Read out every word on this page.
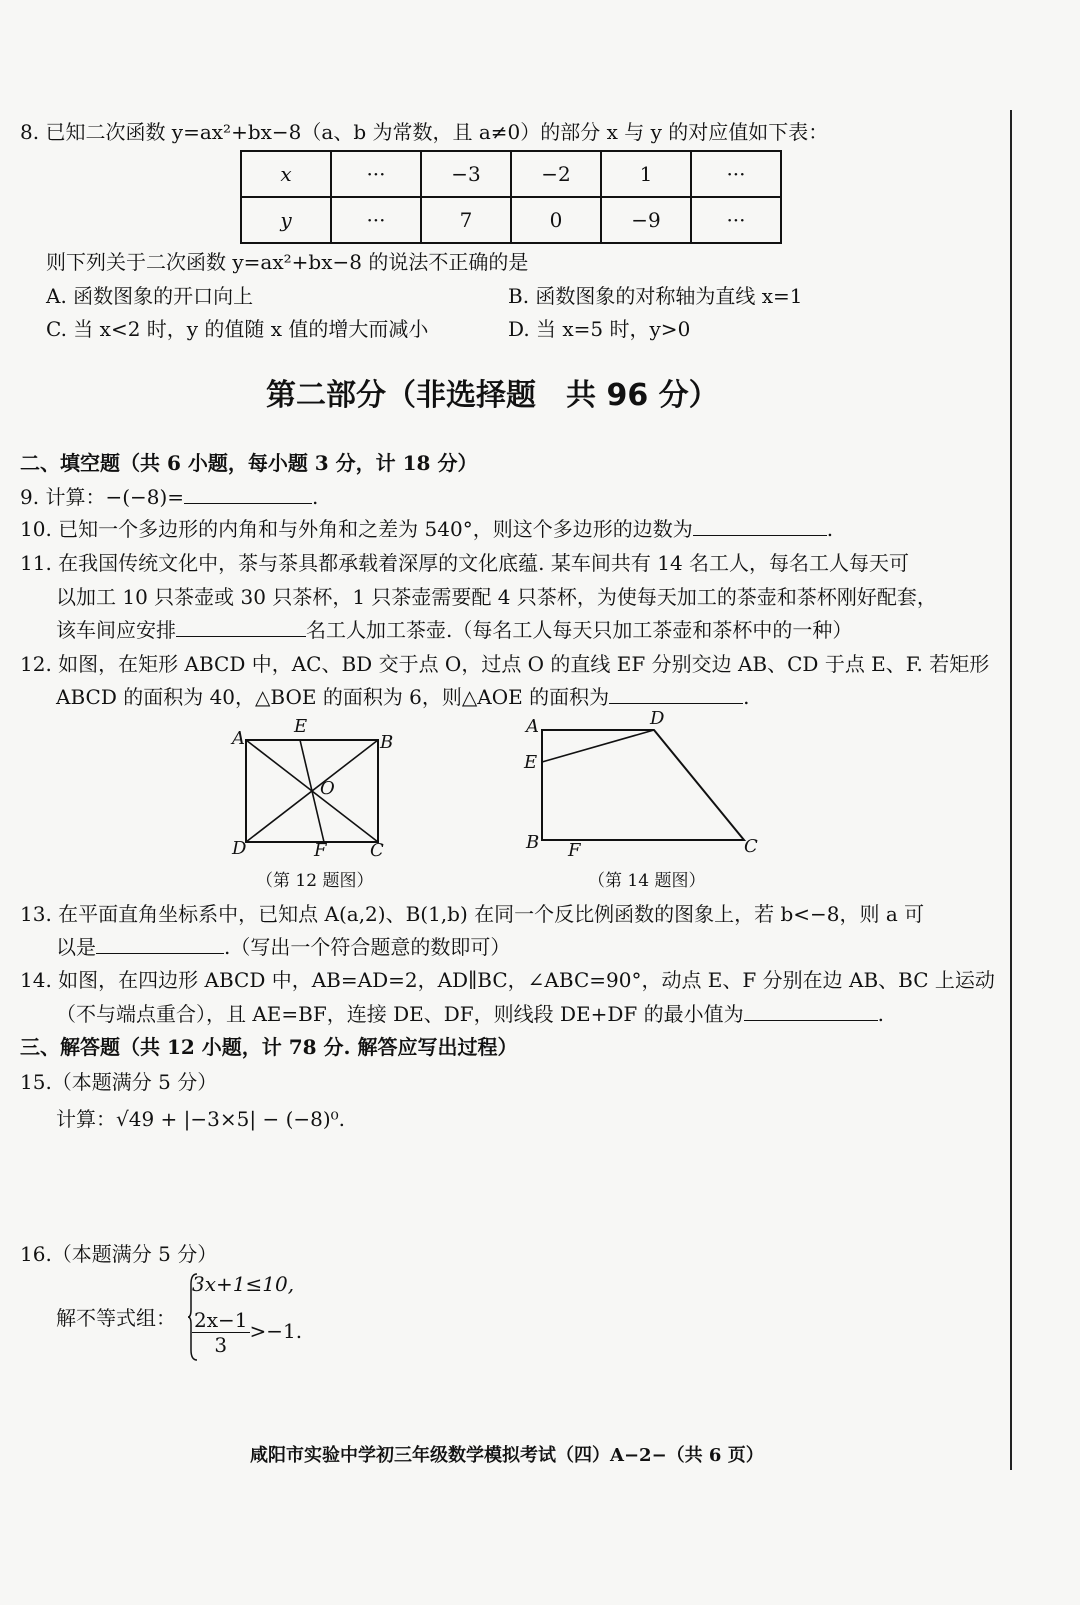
8. 已知二次函数 y=ax²+bx−8（a、b 为常数，且 a≠0）的部分 x 与 y 的对应值如下表：
x	···	−3	−2	1	···
y	···	7	0	−9	···
则下列关于二次函数 y=ax²+bx−8 的说法不正确的是
A. 函数图象的开口向上	B. 函数图象的对称轴为直线 x=1
C. 当 x<2 时，y 的值随 x 值的增大而减小	D. 当 x=5 时，y>0
第二部分（非选择题　共 96 分）
二、填空题（共 6 小题，每小题 3 分，计 18 分）
9. 计算：−(−8)=	.
10. 已知一个多边形的内角和与外角和之差为 540°，则这个多边形的边数为	.
11. 在我国传统文化中，茶与茶具都承载着深厚的文化底蕴. 某车间共有 14 名工人，每名工人每天可
以加工 10 只茶壶或 30 只茶杯，1 只茶壶需要配 4 只茶杯，为使每天加工的茶壶和茶杯刚好配套，
该车间应安排	名工人加工茶壶.（每名工人每天只加工茶壶和茶杯中的一种）
12. 如图，在矩形 ABCD 中，AC、BD 交于点 O，过点 O 的直线 EF 分别交边 AB、CD 于点 E、F. 若矩形
ABCD 的面积为 40，△BOE 的面积为 6，则△AOE 的面积为	.
A
E
B
O
D	F C
（第 12 题图）
A	D
E
B F	C
（第 14 题图）
13. 在平面直角坐标系中，已知点 A(a,2)、B(1,b) 在同一个反比例函数的图象上，若 b<−8，则 a 可
以是	.（写出一个符合题意的数即可）
14. 如图，在四边形 ABCD 中，AB=AD=2，AD∥BC，∠ABC=90°，动点 E、F 分别在边 AB、BC 上运动
（不与端点重合），且 AE=BF，连接 DE、DF，则线段 DE+DF 的最小值为	.
三、解答题（共 12 小题，计 78 分. 解答应写出过程）
15.（本题满分 5 分）
计算：√49 + |−3×5| − (−8)⁰.
16.（本题满分 5 分）
解不等式组：
3x+1≤10,
$\frac{2x-1}{3} >-1$.
咸阳市实验中学初三年级数学模拟考试（四）A−2−（共 6 页）
